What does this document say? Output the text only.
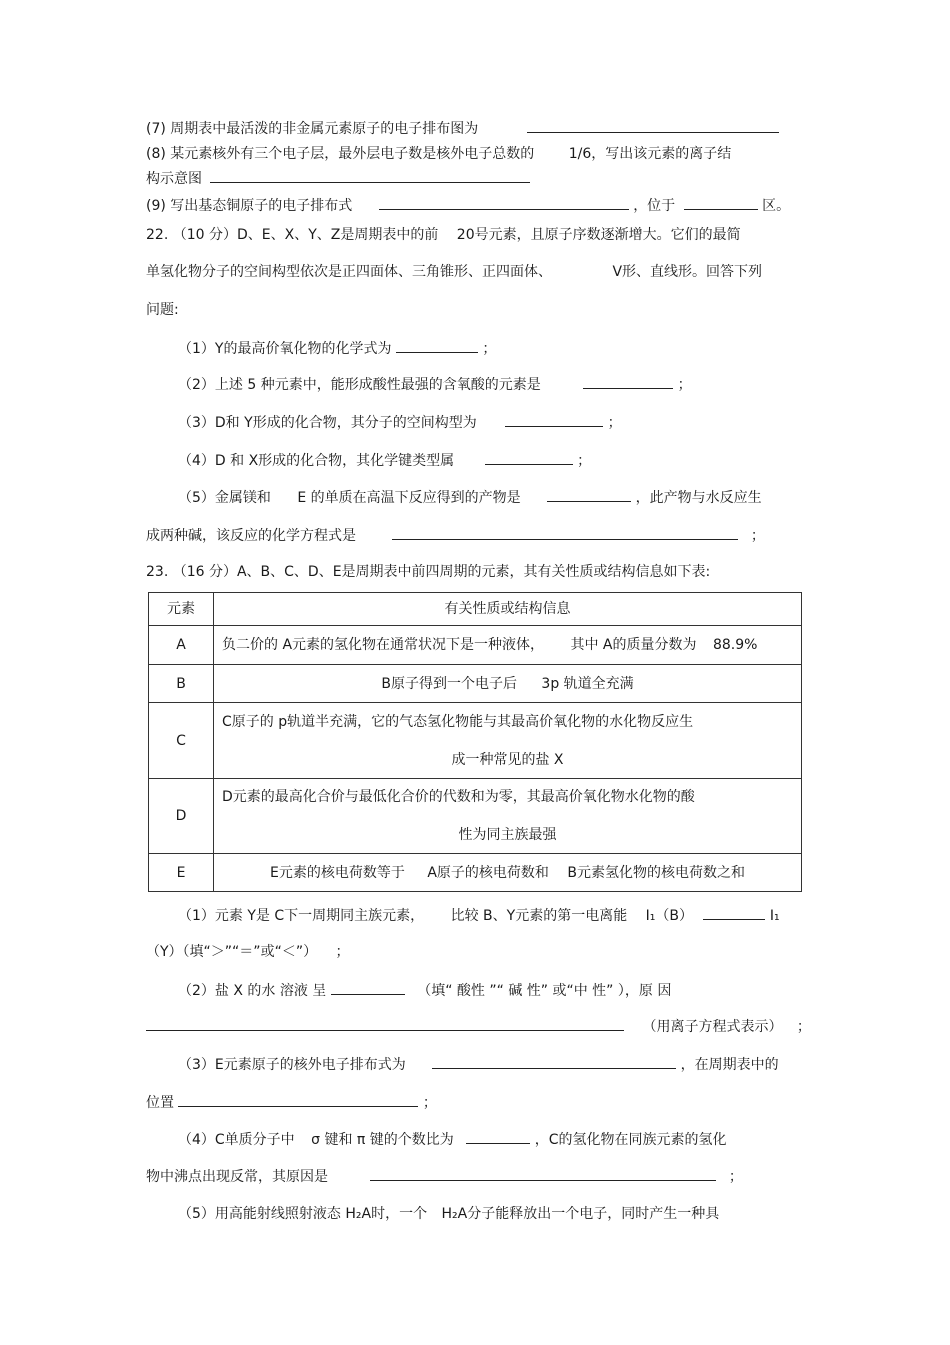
(7) 周期表中最活泼的非金属元素原子的电子排布图为
(8) 某元素核外有三个电子层，最外层电子数是核外电子总数的 1/6，写出该元素的离子结
构示意图
(9) 写出基态铜原子的电子排布式	，位于	区。
22. （10 分）D、E、X、Y、Z是周期表中的前 20号元素，且原子序数逐渐增大。它们的最简
单氢化物分子的空间构型依次是正四面体、三角锥形、正四面体、	V形、直线形。回答下列
问题:
（1）Y的最高价氧化物的化学式为	；
（2）上述 5 种元素中，能形成酸性最强的含氧酸的元素是	；
（3）D和 Y形成的化合物，其分子的空间构型为	；
（4）D 和 X形成的化合物，其化学键类型属	；
（5）金属镁和 E 的单质在高温下反应得到的产物是	，此产物与水反应生
成两种碱，该反应的化学方程式是	；
23. （16 分）A、B、C、D、E是周期表中前四周期的元素，其有关性质或结构信息如下表:
元素	有关性质或结构信息
A	负二价的 A元素的氢化物在通常状况下是一种液体， 其中 A的质量分数为 88.9%
B	B原子得到一个电子后 3p 轨道全充满
C	C原子的 p轨道半充满，它的气态氢化物能与其最高价氧化物的水化物反应生
成一种常见的盐 X

D	D元素的最高化合价与最低化合价的代数和为零，其最高价氧化物水化物的酸
性为同主族最强

E	E元素的核电荷数等于 A原子的核电荷数和 B元素氢化物的核电荷数之和
（1）元素 Y是 C下一周期同主族元素， 比较 B、Y元素的第一电离能 I₁（B）	I₁
（Y）（填“＞”“＝”或“＜”） ；
（2）盐 X 的水 溶液 呈	（填“ 酸性 ”“ 碱 性” 或“中 性” ），原 因
（用离子方程式表示） ；
（3）E元素原子的核外电子排布式为	，在周期表中的
位置	；
（4）C单质分子中 σ 键和 π 键的个数比为	，C的氢化物在同族元素的氢化
物中沸点出现反常，其原因是	；
（5）用高能射线照射液态 H₂A时，一个 H₂A分子能释放出一个电子，同时产生一种具
